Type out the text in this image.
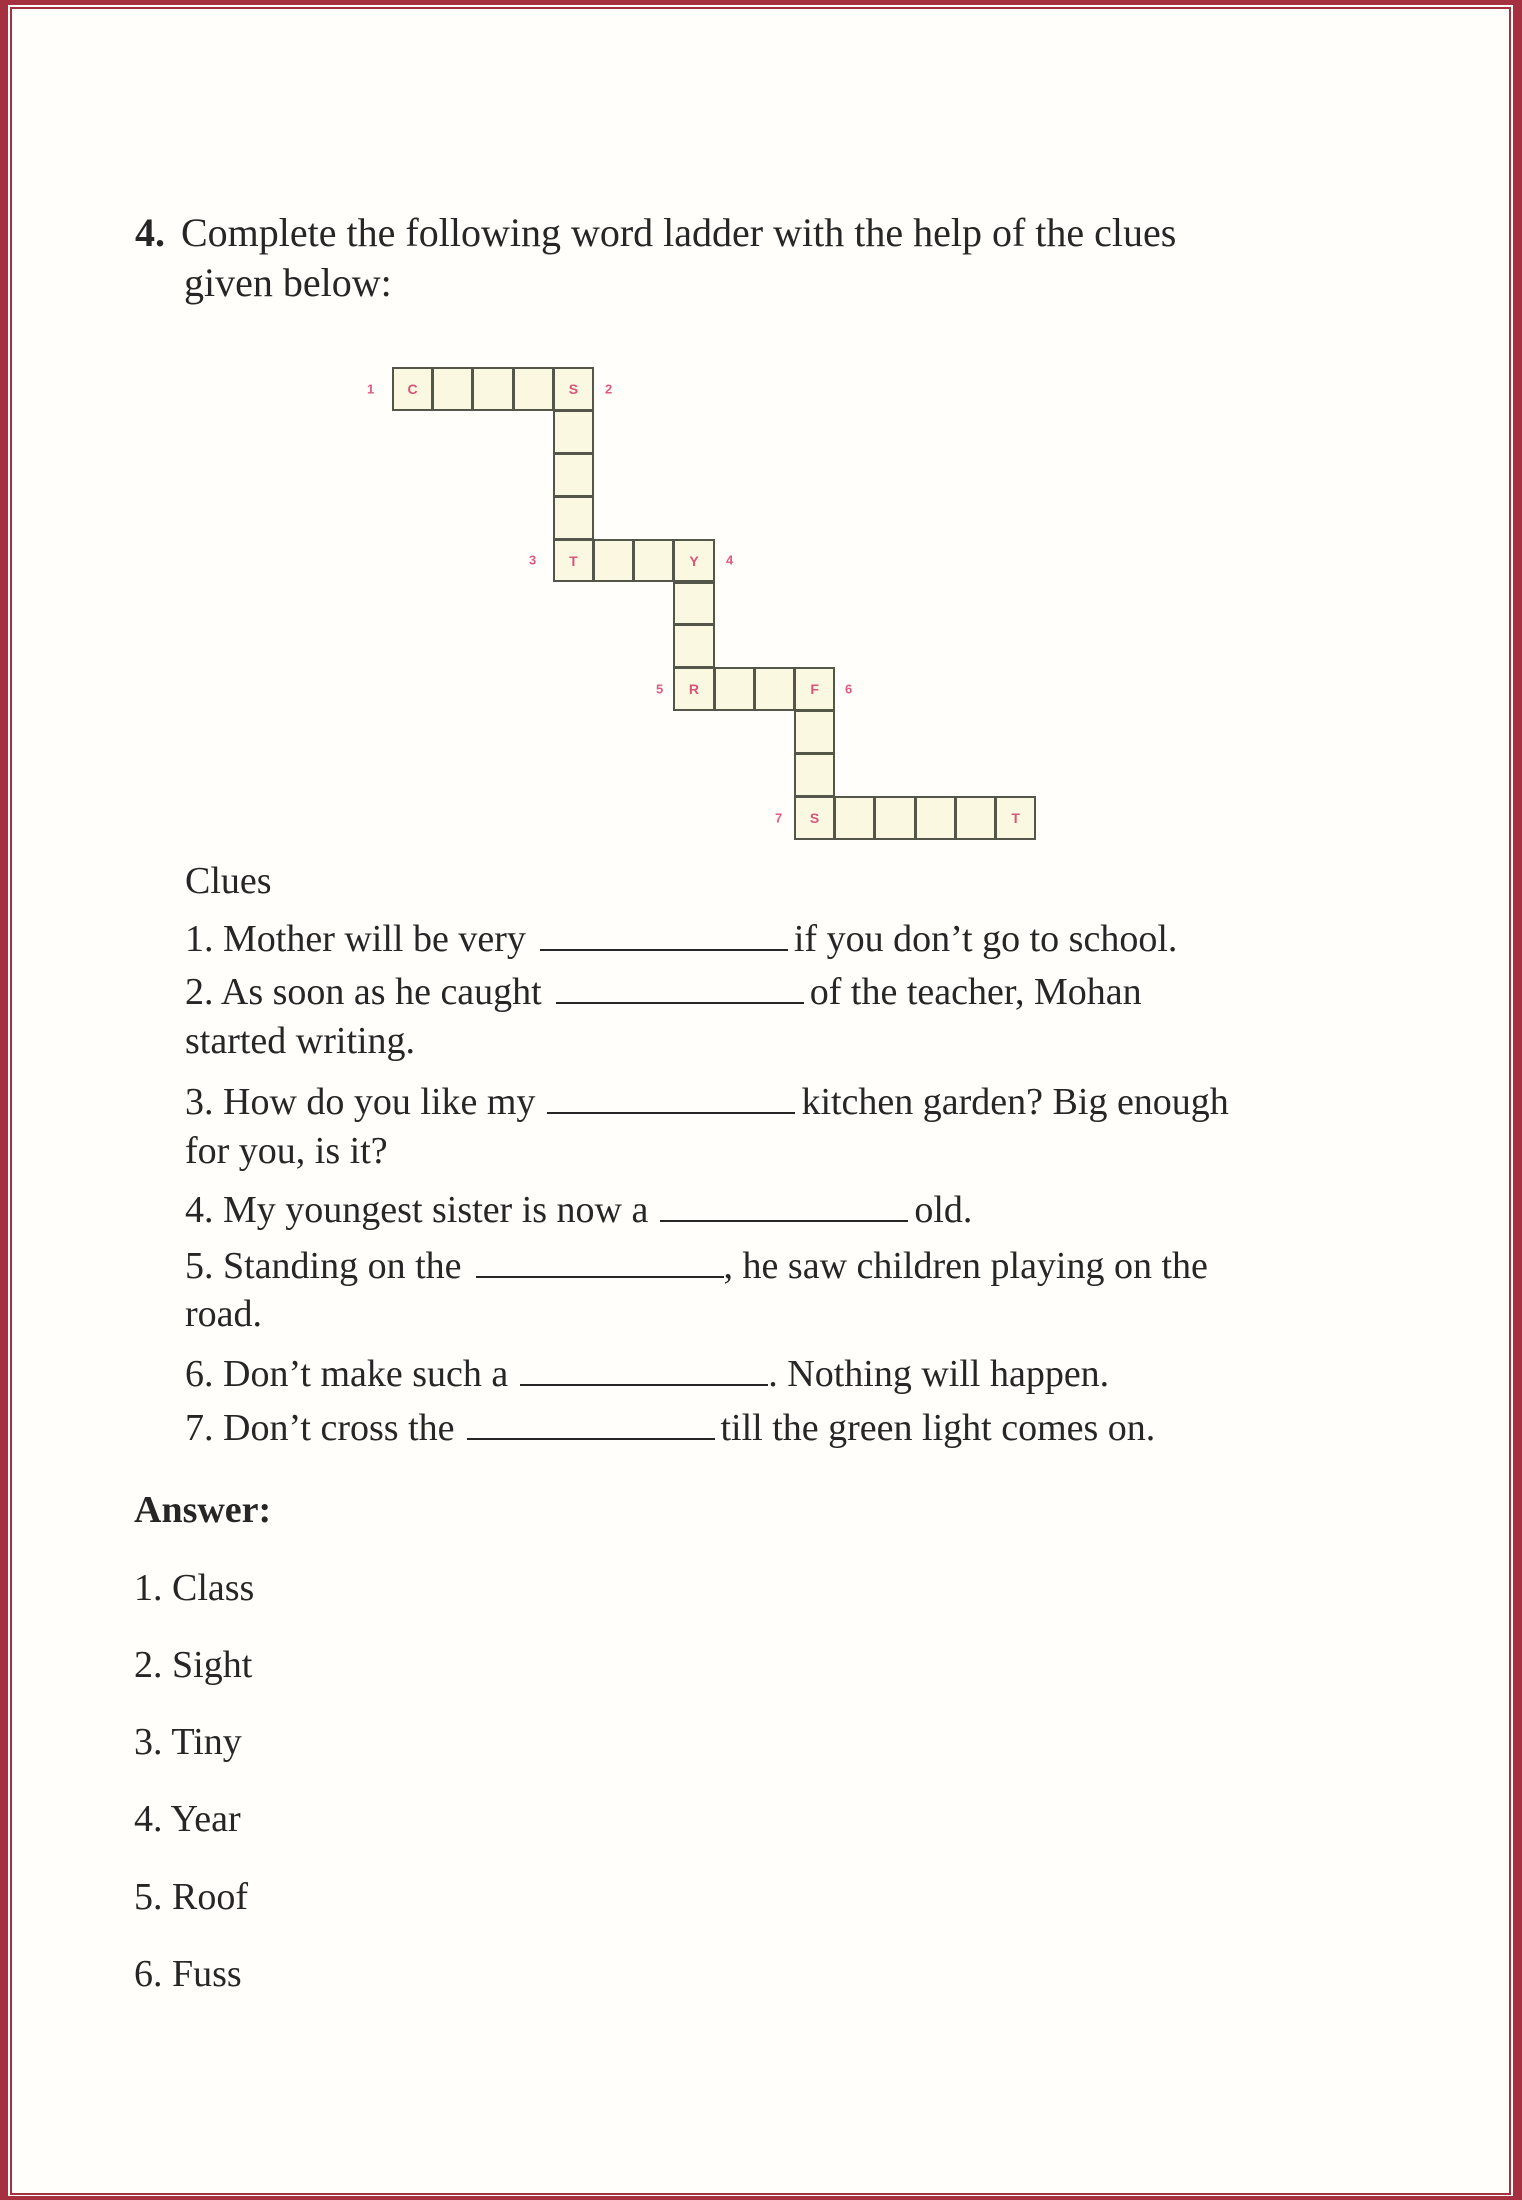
4. Complete the following word ladder with the help of the clues
given below:
C	S
T	Y
R	F
S	T
1	2
3	4
5	6
7
Clues
1. Mother will be very	if you don’t go to school.
2. As soon as he caught	of the teacher, Mohan
started writing.
3. How do you like my	kitchen garden? Big enough
for you, is it?
4. My youngest sister is now a	old.
5. Standing on the	, he saw children playing on the
road.
6. Don’t make such a	. Nothing will happen.
7. Don’t cross the	till the green light comes on.
Answer:
1. Class
2. Sight
3. Tiny
4. Year
5. Roof
6. Fuss
